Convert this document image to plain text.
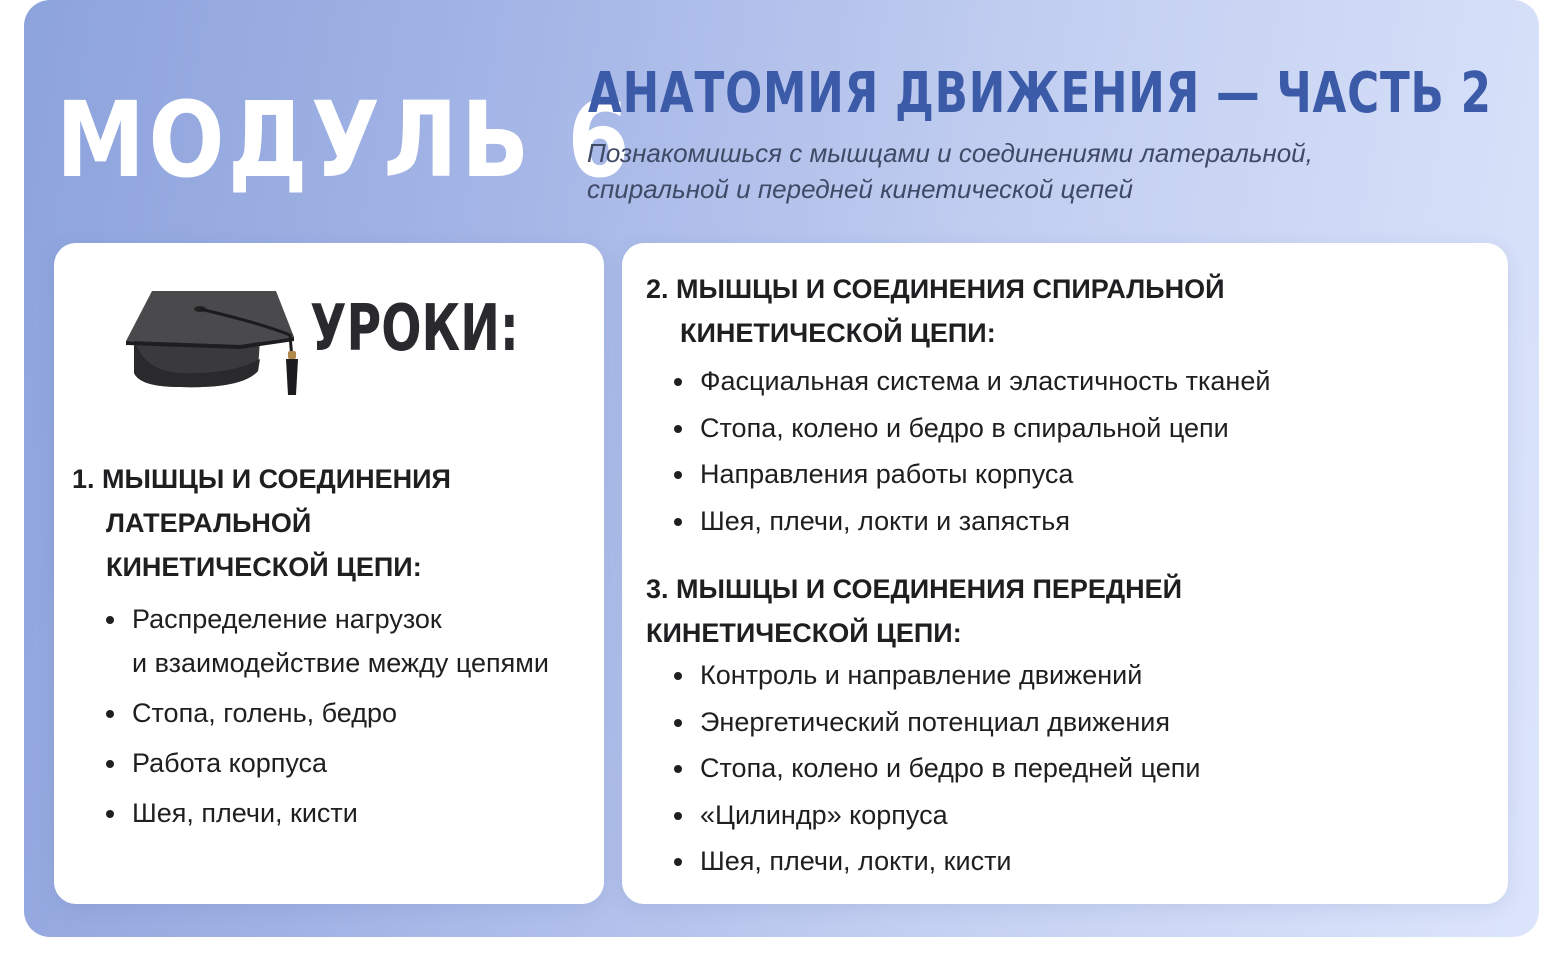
МОДУЛЬ 6
АНАТОМИЯ ДВИЖЕНИЯ — ЧАСТЬ 2
Познакомишься с мышцами и соединениями латеральной, спиральной и передней кинетической цепей
УРОКИ:
1. МЫШЦЫ И СОЕДИНЕНИЯ
ЛАТЕРАЛЬНОЙ
КИНЕТИЧЕСКОЙ ЦЕПИ:
Распределение нагрузок
и взаимодействие между цепями
Стопа, голень, бедро
Работа корпуса
Шея, плечи, кисти
2. МЫШЦЫ И СОЕДИНЕНИЯ СПИРАЛЬНОЙ
КИНЕТИЧЕСКОЙ ЦЕПИ:
Фасциальная система и эластичность тканей
Стопа, колено и бедро в спиральной цепи
Направления работы корпуса
Шея, плечи, локти и запястья
3. МЫШЦЫ И СОЕДИНЕНИЯ ПЕРЕДНЕЙ
КИНЕТИЧЕСКОЙ ЦЕПИ:
Контроль и направление движений
Энергетический потенциал движения
Стопа, колено и бедро в передней цепи
«Цилиндр» корпуса
Шея, плечи, локти, кисти
